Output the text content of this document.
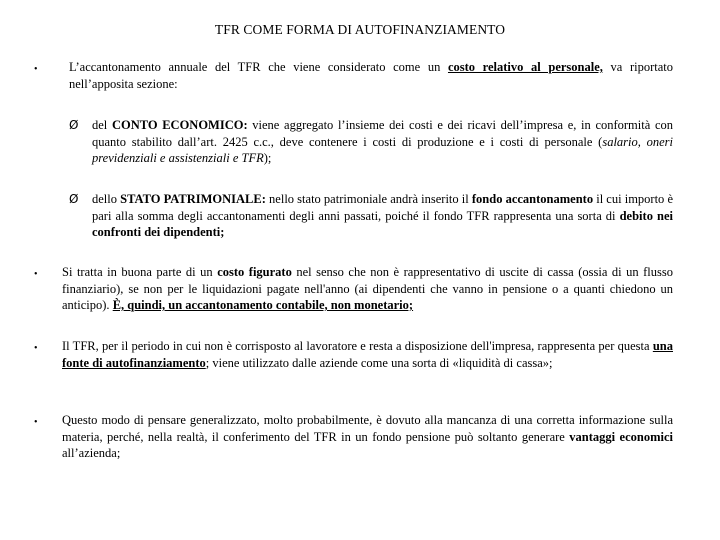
TFR COME FORMA DI AUTOFINANZIAMENTO
•	L’accantonamento annuale del TFR che viene considerato come un costo relativo al personale, va riportato nell’apposita sezione:
Ø del CONTO ECONOMICO: viene aggregato l’insieme dei costi e dei ricavi dell’impresa e, in conformità con quanto stabilito dall’art. 2425 c.c., deve contenere i costi di produzione e i costi di personale (salario, oneri previdenziali e assistenziali e TFR);
Ø dello STATO PATRIMONIALE: nello stato patrimoniale andrà inserito il fondo accantonamento il cui importo è pari alla somma degli accantonamenti degli anni passati, poiché il fondo TFR rappresenta una sorta di debito nei confronti dei dipendenti;
• Si tratta in buona parte di un costo figurato nel senso che non è rappresentativo di uscite di cassa (ossia di un flusso finanziario), se non per le liquidazioni pagate nell'anno (ai dipendenti che vanno in pensione o a quanti chiedono un anticipo). È, quindi, un accantonamento contabile, non monetario;
• Il TFR, per il periodo in cui non è corrisposto al lavoratore e resta a disposizione dell'impresa, rappresenta per questa una fonte di autofinanziamento; viene utilizzato dalle aziende come una sorta di «liquidità di cassa»;
• Questo modo di pensare generalizzato, molto probabilmente, è dovuto alla mancanza di una corretta informazione sulla materia, perché, nella realtà, il conferimento del TFR in un fondo pensione può soltanto generare vantaggi economici all’azienda;
